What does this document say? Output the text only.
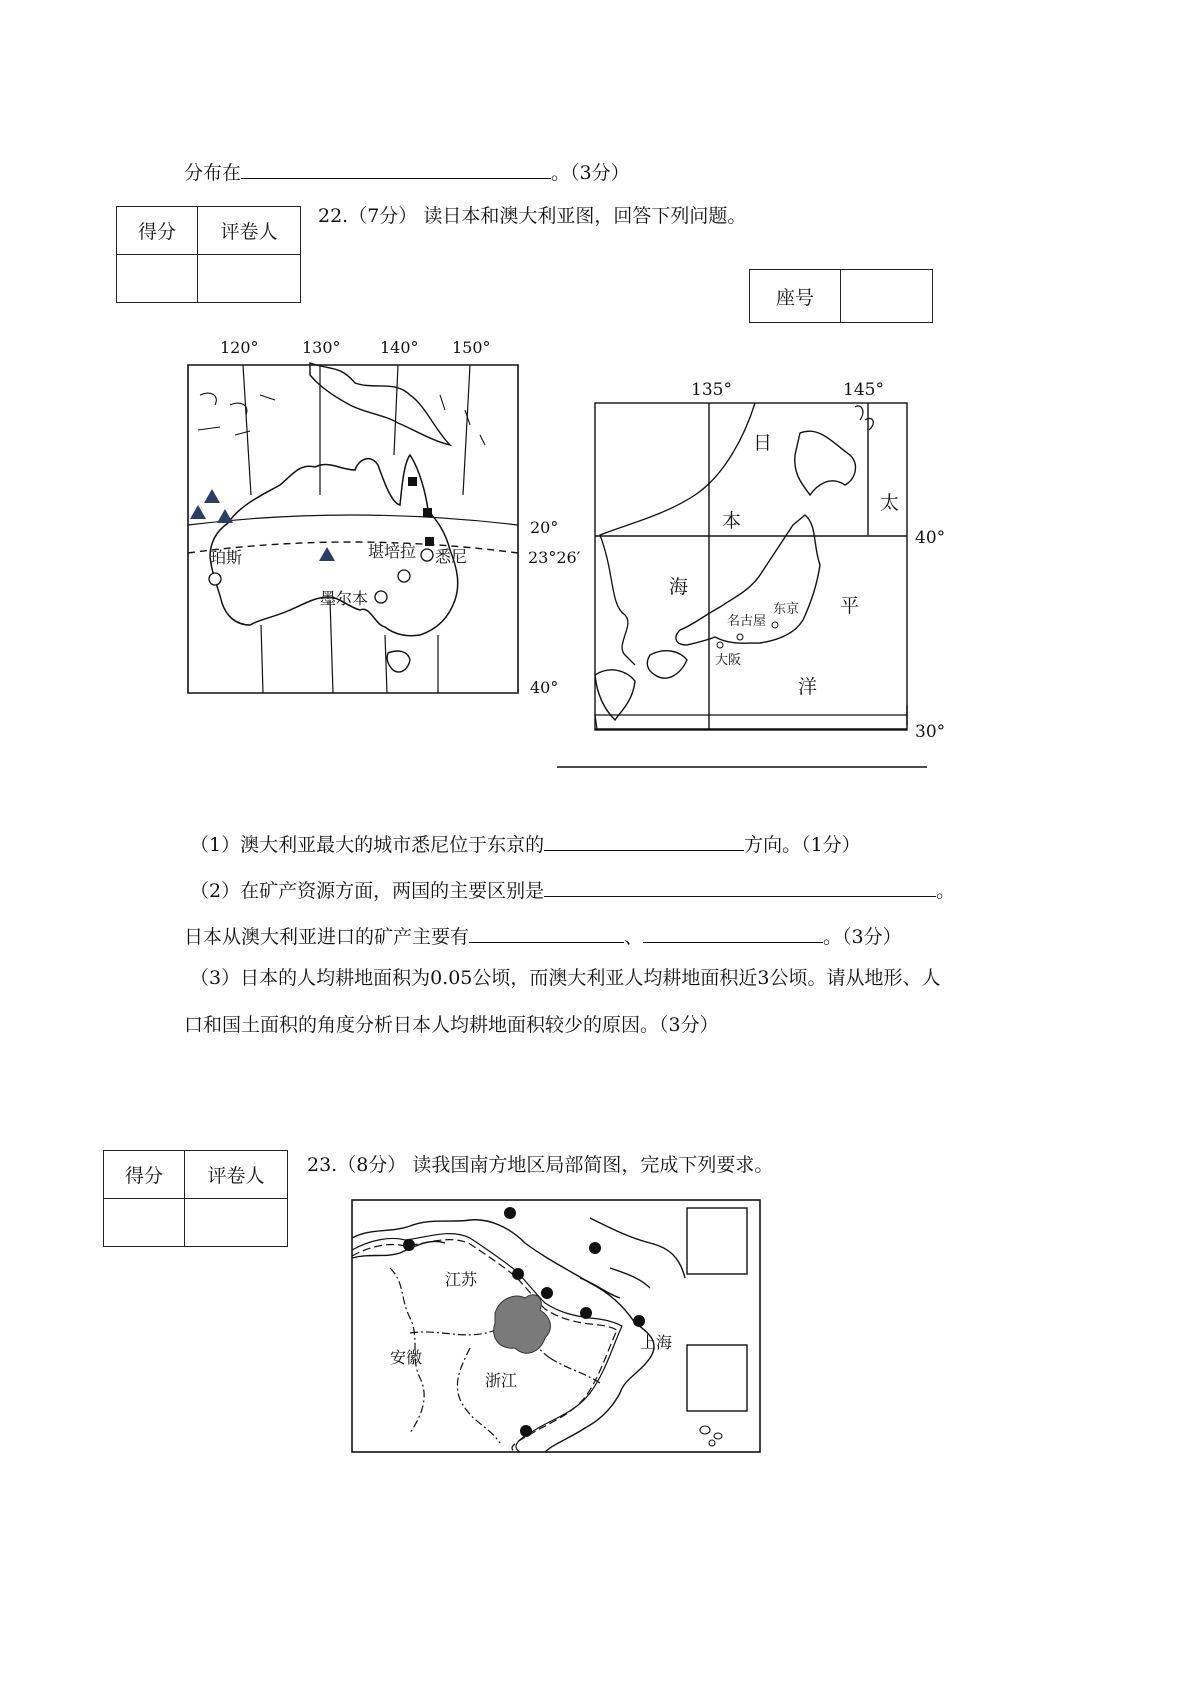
分布在	。（3分）
得分	评卷人

22.（7分） 读日本和澳大利亚图，回答下列问题。
座号
120°	130° 140° 150°
20°
23°26′
40°
珀斯	堪培拉 悉尼
墨尔本
135°	145°
40°
30°
日
本
海
太
平
洋
名古屋
东京
大阪
（1）澳大利亚最大的城市悉尼位于东京的	方向。（1分）
（2）在矿产资源方面，两国的主要区别是	。
日本从澳大利亚进口的矿产主要有	、	。（3分）
（3）日本的人均耕地面积为0.05公顷，而澳大利亚人均耕地面积近3公顷。请从地形、人
口和国土面积的角度分析日本人均耕地面积较少的原因。（3分）
得分	评卷人
	23.（8分） 读我国南方地区局部简图，完成下列要求。
江苏
安徽
浙江
上海
